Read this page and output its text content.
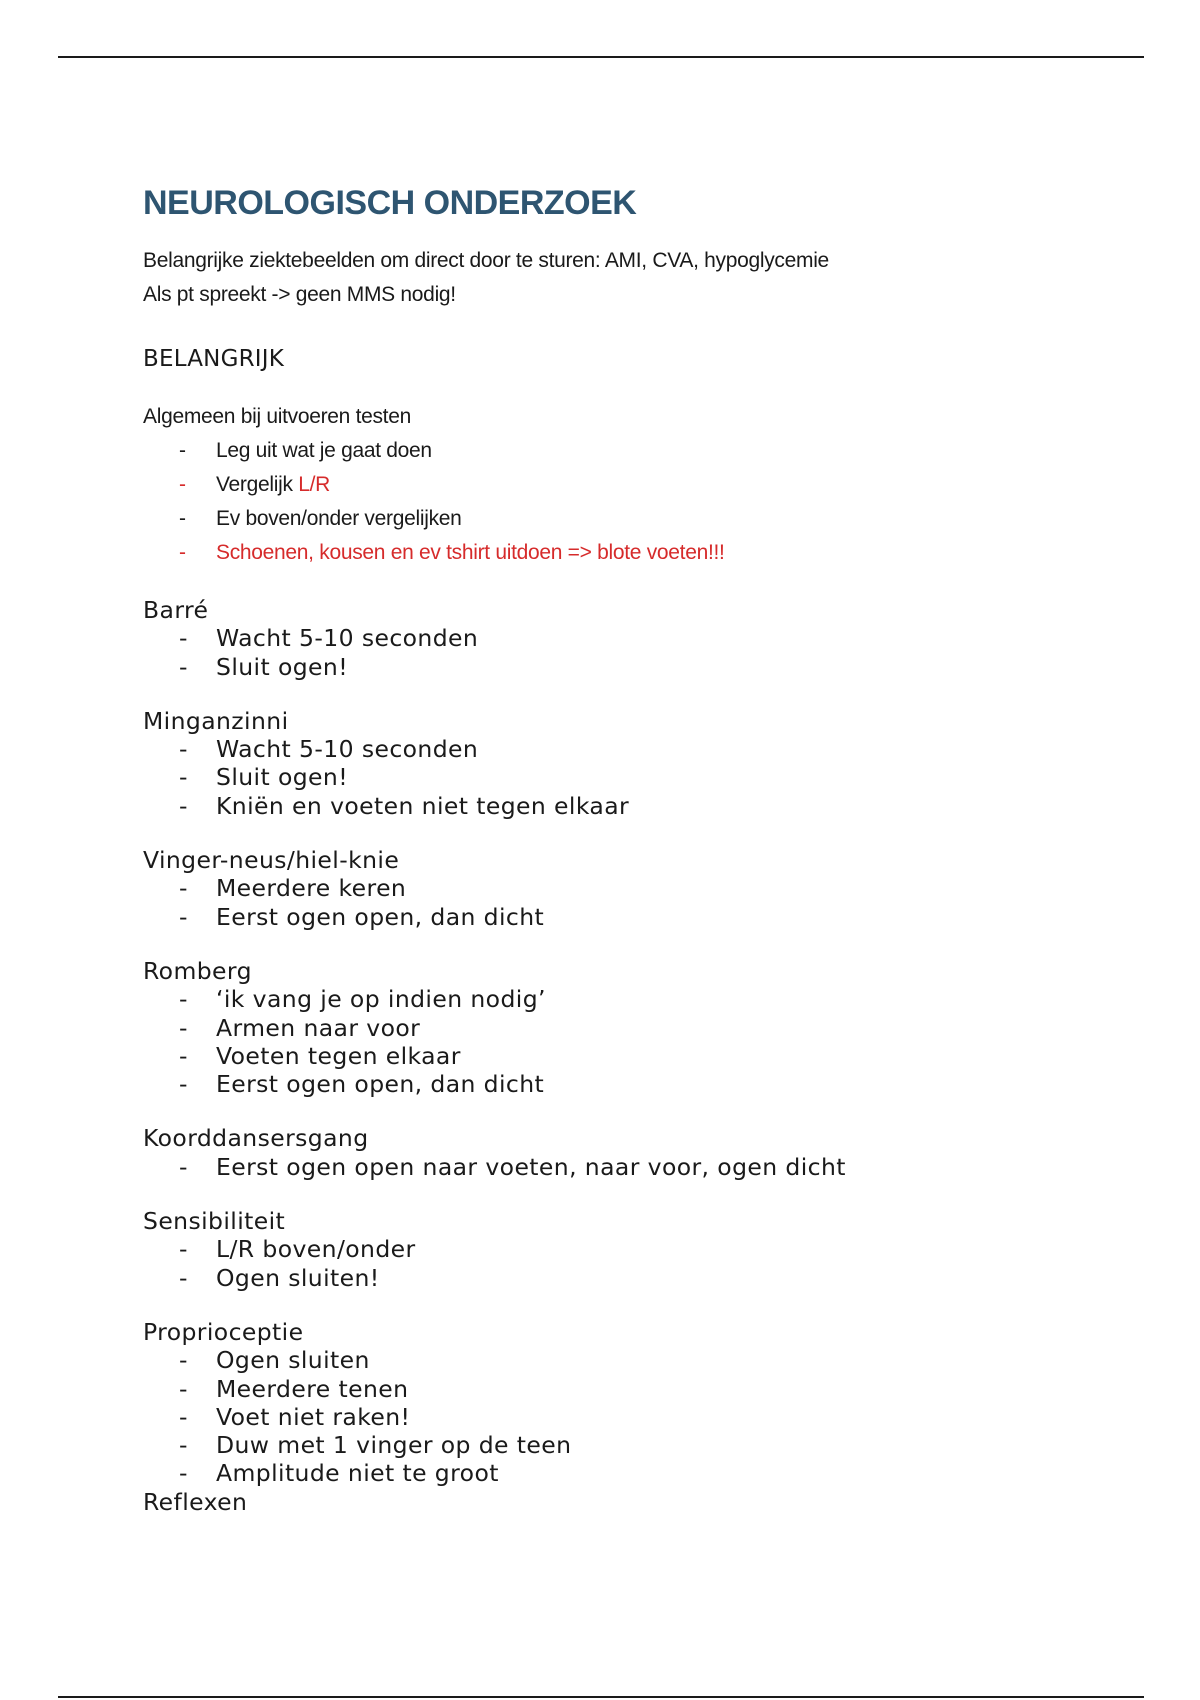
NEUROLOGISCH ONDERZOEK
Belangrijke ziektebeelden om direct door te sturen: AMI, CVA, hypoglycemie
Als pt spreekt -> geen MMS nodig!
BELANGRIJK
Algemeen bij uitvoeren testen
- Leg uit wat je gaat doen
- Vergelijk L/R
- Ev boven/onder vergelijken
- Schoenen, kousen en ev tshirt uitdoen => blote voeten!!!
Barré
- Wacht 5-10 seconden
- Sluit ogen!
Minganzinni
- Wacht 5-10 seconden
- Sluit ogen!
- Kniën en voeten niet tegen elkaar
Vinger-neus/hiel-knie
- Meerdere keren
- Eerst ogen open, dan dicht
Romberg
- ‘ik vang je op indien nodig’
- Armen naar voor
- Voeten tegen elkaar
- Eerst ogen open, dan dicht
Koorddansersgang
- Eerst ogen open naar voeten, naar voor, ogen dicht
Sensibiliteit
- L/R boven/onder
- Ogen sluiten!
Proprioceptie
- Ogen sluiten
- Meerdere tenen
- Voet niet raken!
- Duw met 1 vinger op de teen
- Amplitude niet te groot
Reflexen
